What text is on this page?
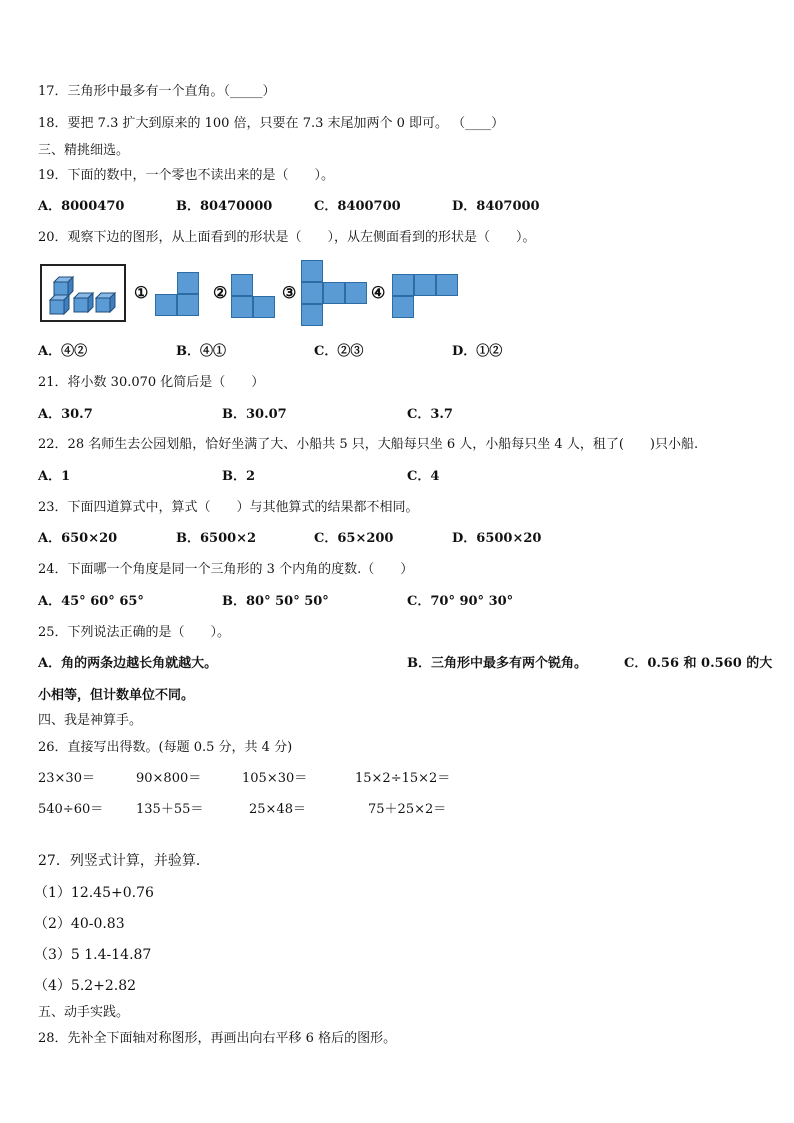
17．三角形中最多有一个直角。（_____）
18．要把 7.3 扩大到原来的 100 倍，只要在 7.3 末尾加两个 0 即可。 （____）
三、精挑细选。
19．下面的数中，一个零也不读出来的是（　　）。
A．8000470	B．80470000	C．8400700	D．8407000
20．观察下边的图形，从上面看到的形状是（　　），从左侧面看到的形状是（　　）。
①	②	③	④
A．④②	B．④①	C．②③	D．①②
21．将小数 30.070 化简后是（　　）
A．30.7	B．30.07	C．3.7
22．28 名师生去公园划船，恰好坐满了大、小船共 5 只，大船每只坐 6 人，小船每只坐 4 人，租了(　　)只小船.
A．1	B．2	C．4
23．下面四道算式中，算式（　　）与其他算式的结果都不相同。
A．650×20	B．6500×2	C．65×200	D．6500×20
24．下面哪一个角度是同一个三角形的 3 个内角的度数.（　　）
A．45° 60° 65°	B．80° 50° 50°	C．70° 90° 30°
25．下列说法正确的是（　　）。
A．角的两条边越长角就越大。	B．三角形中最多有两个锐角。	C．0.56 和 0.560 的大
小相等，但计数单位不同。
四、我是神算手。
26．直接写出得数。(每题 0.5 分，共 4 分)
23×30＝	90×800＝	105×30＝	15×2÷15×2＝
540÷60＝	135＋55＝	25×48＝	75＋25×2＝
27．列竖式计算，并验算．
（1）12.45+0.76
（2）40-0.83
（3）5 1.4-14.87
（4）5.2+2.82
五、动手实践。
28．先补全下面轴对称图形，再画出向右平移 6 格后的图形。
